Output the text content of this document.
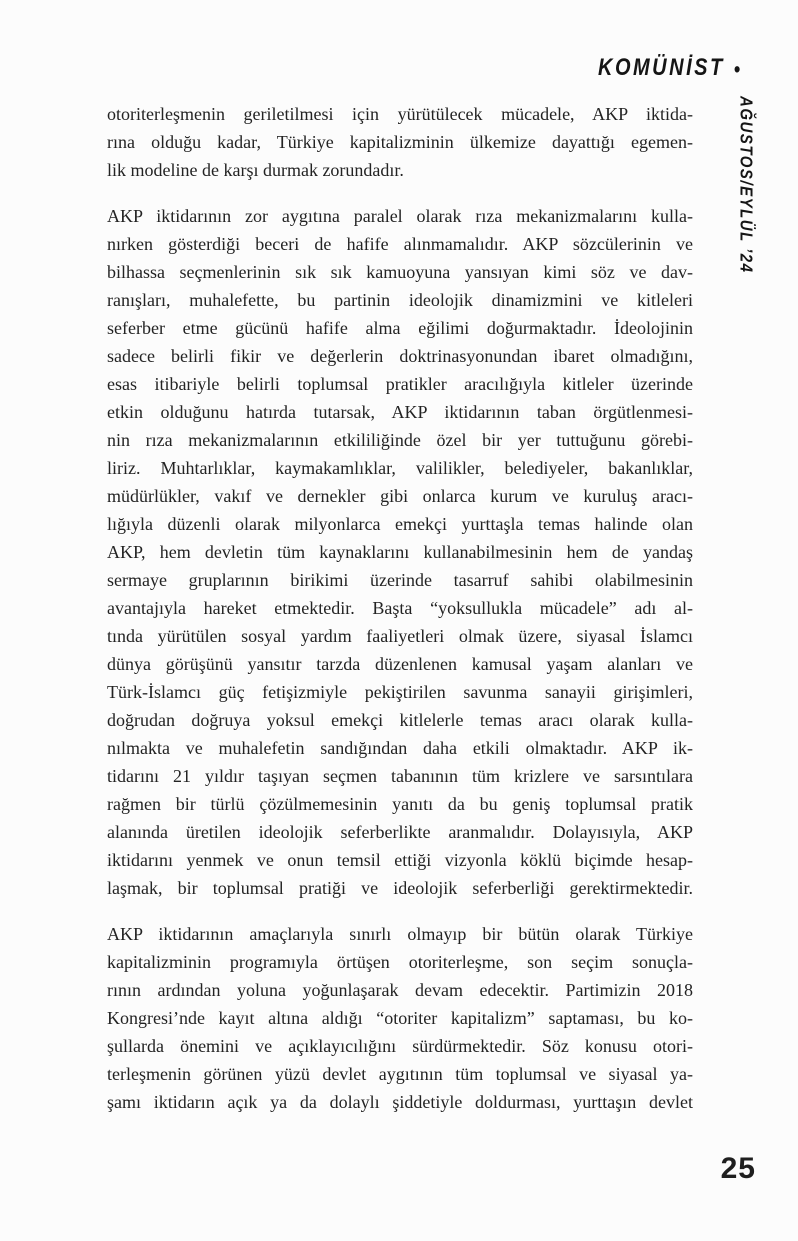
KOMÜNİST •
AĞUSTOS/EYLÜL ’24

otoriterleşmenin geriletilmesi için yürütülecek mücadele, AKP iktida-
rına olduğu kadar, Türkiye kapitalizminin ülkemize dayattığı egemen-
lik modeline de karşı durmak zorundadır.

AKP iktidarının zor aygıtına paralel olarak rıza mekanizmalarını kulla-
nırken gösterdiği beceri de hafife alınmamalıdır. AKP sözcülerinin ve
bilhassa seçmenlerinin sık sık kamuoyuna yansıyan kimi söz ve dav-
ranışları, muhalefette, bu partinin ideolojik dinamizmini ve kitleleri
seferber etme gücünü hafife alma eğilimi doğurmaktadır. İdeolojinin
sadece belirli fikir ve değerlerin doktrinasyonundan ibaret olmadığını,
esas itibariyle belirli toplumsal pratikler aracılığıyla kitleler üzerinde
etkin olduğunu hatırda tutarsak, AKP iktidarının taban örgütlenmesi-
nin rıza mekanizmalarının etkililiğinde özel bir yer tuttuğunu görebi-
liriz. Muhtarlıklar, kaymakamlıklar, valilikler, belediyeler, bakanlıklar,
müdürlükler, vakıf ve dernekler gibi onlarca kurum ve kuruluş aracı-
lığıyla düzenli olarak milyonlarca emekçi yurttaşla temas halinde olan
AKP, hem devletin tüm kaynaklarını kullanabilmesinin hem de yandaş
sermaye gruplarının birikimi üzerinde tasarruf sahibi olabilmesinin
avantajıyla hareket etmektedir. Başta “yoksullukla mücadele” adı al-
tında yürütülen sosyal yardım faaliyetleri olmak üzere, siyasal İslamcı
dünya görüşünü yansıtır tarzda düzenlenen kamusal yaşam alanları ve
Türk-İslamcı güç fetişizmiyle pekiştirilen savunma sanayii girişimleri,
doğrudan doğruya yoksul emekçi kitlelerle temas aracı olarak kulla-
nılmakta ve muhalefetin sandığından daha etkili olmaktadır. AKP ik-
tidarını 21 yıldır taşıyan seçmen tabanının tüm krizlere ve sarsıntılara
rağmen bir türlü çözülmemesinin yanıtı da bu geniş toplumsal pratik
alanında üretilen ideolojik seferberlikte aranmalıdır. Dolayısıyla, AKP
iktidarını yenmek ve onun temsil ettiği vizyonla köklü biçimde hesap-
laşmak, bir toplumsal pratiği ve ideolojik seferberliği gerektirmektedir.

AKP iktidarının amaçlarıyla sınırlı olmayıp bir bütün olarak Türkiye
kapitalizminin programıyla örtüşen otoriterleşme, son seçim sonuçla-
rının ardından yoluna yoğunlaşarak devam edecektir. Partimizin 2018
Kongresi’nde kayıt altına aldığı “otoriter kapitalizm” saptaması, bu ko-
şullarda önemini ve açıklayıcılığını sürdürmektedir. Söz konusu otori-
terleşmenin görünen yüzü devlet aygıtının tüm toplumsal ve siyasal ya-
şamı iktidarın açık ya da dolaylı şiddetiyle doldurması, yurttaşın devlet

25
